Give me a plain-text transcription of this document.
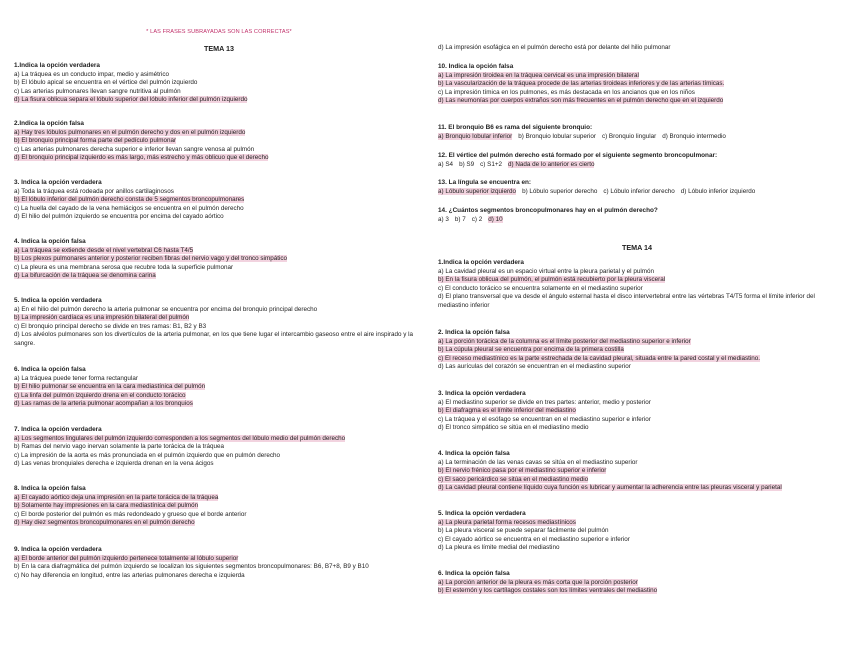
* LAS FRASES SUBRAYADAS SON LAS CORRECTAS*
TEMA 13
1.Indica la opción verdadera
a) La tráquea es un conducto impar, medio y asimétrico
b) El lóbulo apical se encuentra en el vértice del pulmón izquierdo
c) Las arterias pulmonares llevan sangre nutritiva al pulmón
d) La fisura oblicua separa el lóbulo superior del lóbulo inferior del pulmón izquierdo
2.Indica la opción falsa
a) Hay tres lóbulos pulmonares en el pulmón derecho y dos en el pulmón izquierdo
b) El bronquio principal forma parte del pedículo pulmonar
c) Las arterias pulmonares derecha superior e inferior llevan sangre venosa al pulmón
d) El bronquio principal izquierdo es más largo, más estrecho y más oblicuo que el derecho
3. Indica la opción verdadera
a) Toda la tráquea está rodeada por anillos cartilaginosos
b) El lóbulo inferior del pulmón derecho consta de 5 segmentos broncopulmonares
c) La huella del cayado de la vena hemiácigos se encuentra en el pulmón derecho
d) El hilio del pulmón izquierdo se encuentra por encima del cayado aórtico
4. Indica la opción falsa
a) La tráquea se extiende desde el nivel vertebral C6 hasta T4/5
b) Los plexos pulmonares anterior y posterior reciben fibras del nervio vago y del tronco simpático
c) La pleura es una membrana serosa que recubre toda la superficie pulmonar
d) La bifurcación de la tráquea se denomina carina
5. Indica la opción verdadera
a) En el hilio del pulmón derecho la arteria pulmonar se encuentra por encima del bronquio principal derecho
b) La impresión cardíaca es una impresión bilateral del pulmón
c) El bronquio principal derecho se divide en tres ramas: B1, B2 y B3
d) Los alvéolos pulmonares son los divertículos de la arteria pulmonar, en los que tiene lugar el intercambio gaseoso entre el aire inspirado y la sangre.
6. Indica la opción falsa
a) La tráquea puede tener forma rectangular
b) El hilio pulmonar se encuentra en la cara mediastínica del pulmón
c) La linfa del pulmón izquierdo drena en el conducto torácico
d) Las ramas de la arteria pulmonar acompañan a los bronquios
7. Indica la opción verdadera
a) Los segmentos lingulares del pulmón izquierdo corresponden a los segmentos del lóbulo medio del pulmón derecho
b) Ramas del nervio vago inervan solamente la parte torácica de la tráquea
c) La impresión de la aorta es más pronunciada en el pulmón izquierdo que en pulmón derecho
d) Las venas bronquiales derecha e izquierda drenan en la vena ácigos
8. Indica la opción falsa
a) El cayado aórtico deja una impresión en la parte torácica de la tráquea
b) Solamente hay impresiones en la cara mediastínica del pulmón
c) El borde posterior del pulmón es más redondeado y grueso que el borde anterior
d) Hay diez segmentos broncopulmonares en el pulmón derecho
9. Indica la opción verdadera
a) El borde anterior del pulmón izquierdo pertenece totalmente al lóbulo superior
b) En la cara diafragmática del pulmón izquierdo se localizan los siguientes segmentos broncopulmonares: B6, B7+8, B9 y B10
c) No hay diferencia en longitud, entre las arterias pulmonares derecha e izquierda
d) La impresión esofágica en el pulmón derecho está por delante del hilio pulmonar
10. Indica la opción falsa
a) La impresión tiroidea en la tráquea cervical es una impresión bilateral
b) La vascularización de la tráquea procede de las arterias tiroideas inferiores y de las arterias tímicas.
c) La impresión tímica en los pulmones, es más destacada en los ancianos que en los niños
d) Las neumonías por cuerpos extraños son más frecuentes en el pulmón derecho que en el izquierdo
11. El bronquio B6 es rama del siguiente bronquio:
a) Bronquio lobular inferior b) Bronquio lobular superior c) Bronquio lingular d) Bronquio intermedio
12. El vértice del pulmón derecho está formado por el siguiente segmento broncopulmonar:
a) S4 b) S9 c) S1+2 d) Nada de lo anterior es cierto
13. La língula se encuentra en:
a) Lóbulo superior izquierdo b) Lóbulo superior derecho c) Lóbulo inferior derecho d) Lóbulo inferior izquierdo
14. ¿Cuántos segmentos broncopulmonares hay en el pulmón derecho?
a) 3 b) 7 c) 2 d) 10
TEMA 14
1.Indica la opción verdadera
a) La cavidad pleural es un espacio virtual entre la pleura parietal y el pulmón
b) En la fisura oblicua del pulmón, el pulmón está recubierto por la pleura visceral
c) El conducto torácico se encuentra solamente en el mediastino superior
d) El plano transversal que va desde el ángulo esternal hasta el disco intervertebral entre las vértebras T4/T5 forma el límite inferior del mediastino inferior
2. Indica la opción falsa
a) La porción torácica de la columna es el límite posterior del mediastino superior e inferior
b) La cúpula pleural se encuentra por encima de la primera costilla
c) El receso mediastínico es la parte estrechada de la cavidad pleural, situada entre la pared costal y el mediastino.
d) Las aurículas del corazón se encuentran en el mediastino superior
3. Indica la opción verdadera
a) El mediastino superior se divide en tres partes: anterior, medio y posterior
b) El diafragma es el límite inferior del mediastino
c) La tráquea y el esófago se encuentran en el mediastino superior e inferior
d) El tronco simpático se sitúa en el mediastino medio
4. Indica la opción falsa
a) La terminación de las venas cavas se sitúa en el mediastino superior
b) El nervio frénico pasa por el mediastino superior e inferior
c) El saco pericárdico se sitúa en el mediastino medio
d) La cavidad pleural contiene líquido cuya función es lubricar y aumentar la adherencia entre las pleuras visceral y parietal
5. Indica la opción verdadera
a) La pleura parietal forma recesos mediastínicos
b) La pleura visceral se puede separar fácilmente del pulmón
c) El cayado aórtico se encuentra en el mediastino superior e inferior
d) La pleura es límite medial del mediastino
6. Indica la opción falsa
a) La porción anterior de la pleura es más corta que la porción posterior
b) El esternón y los cartílagos costales son los límites ventrales del mediastino
